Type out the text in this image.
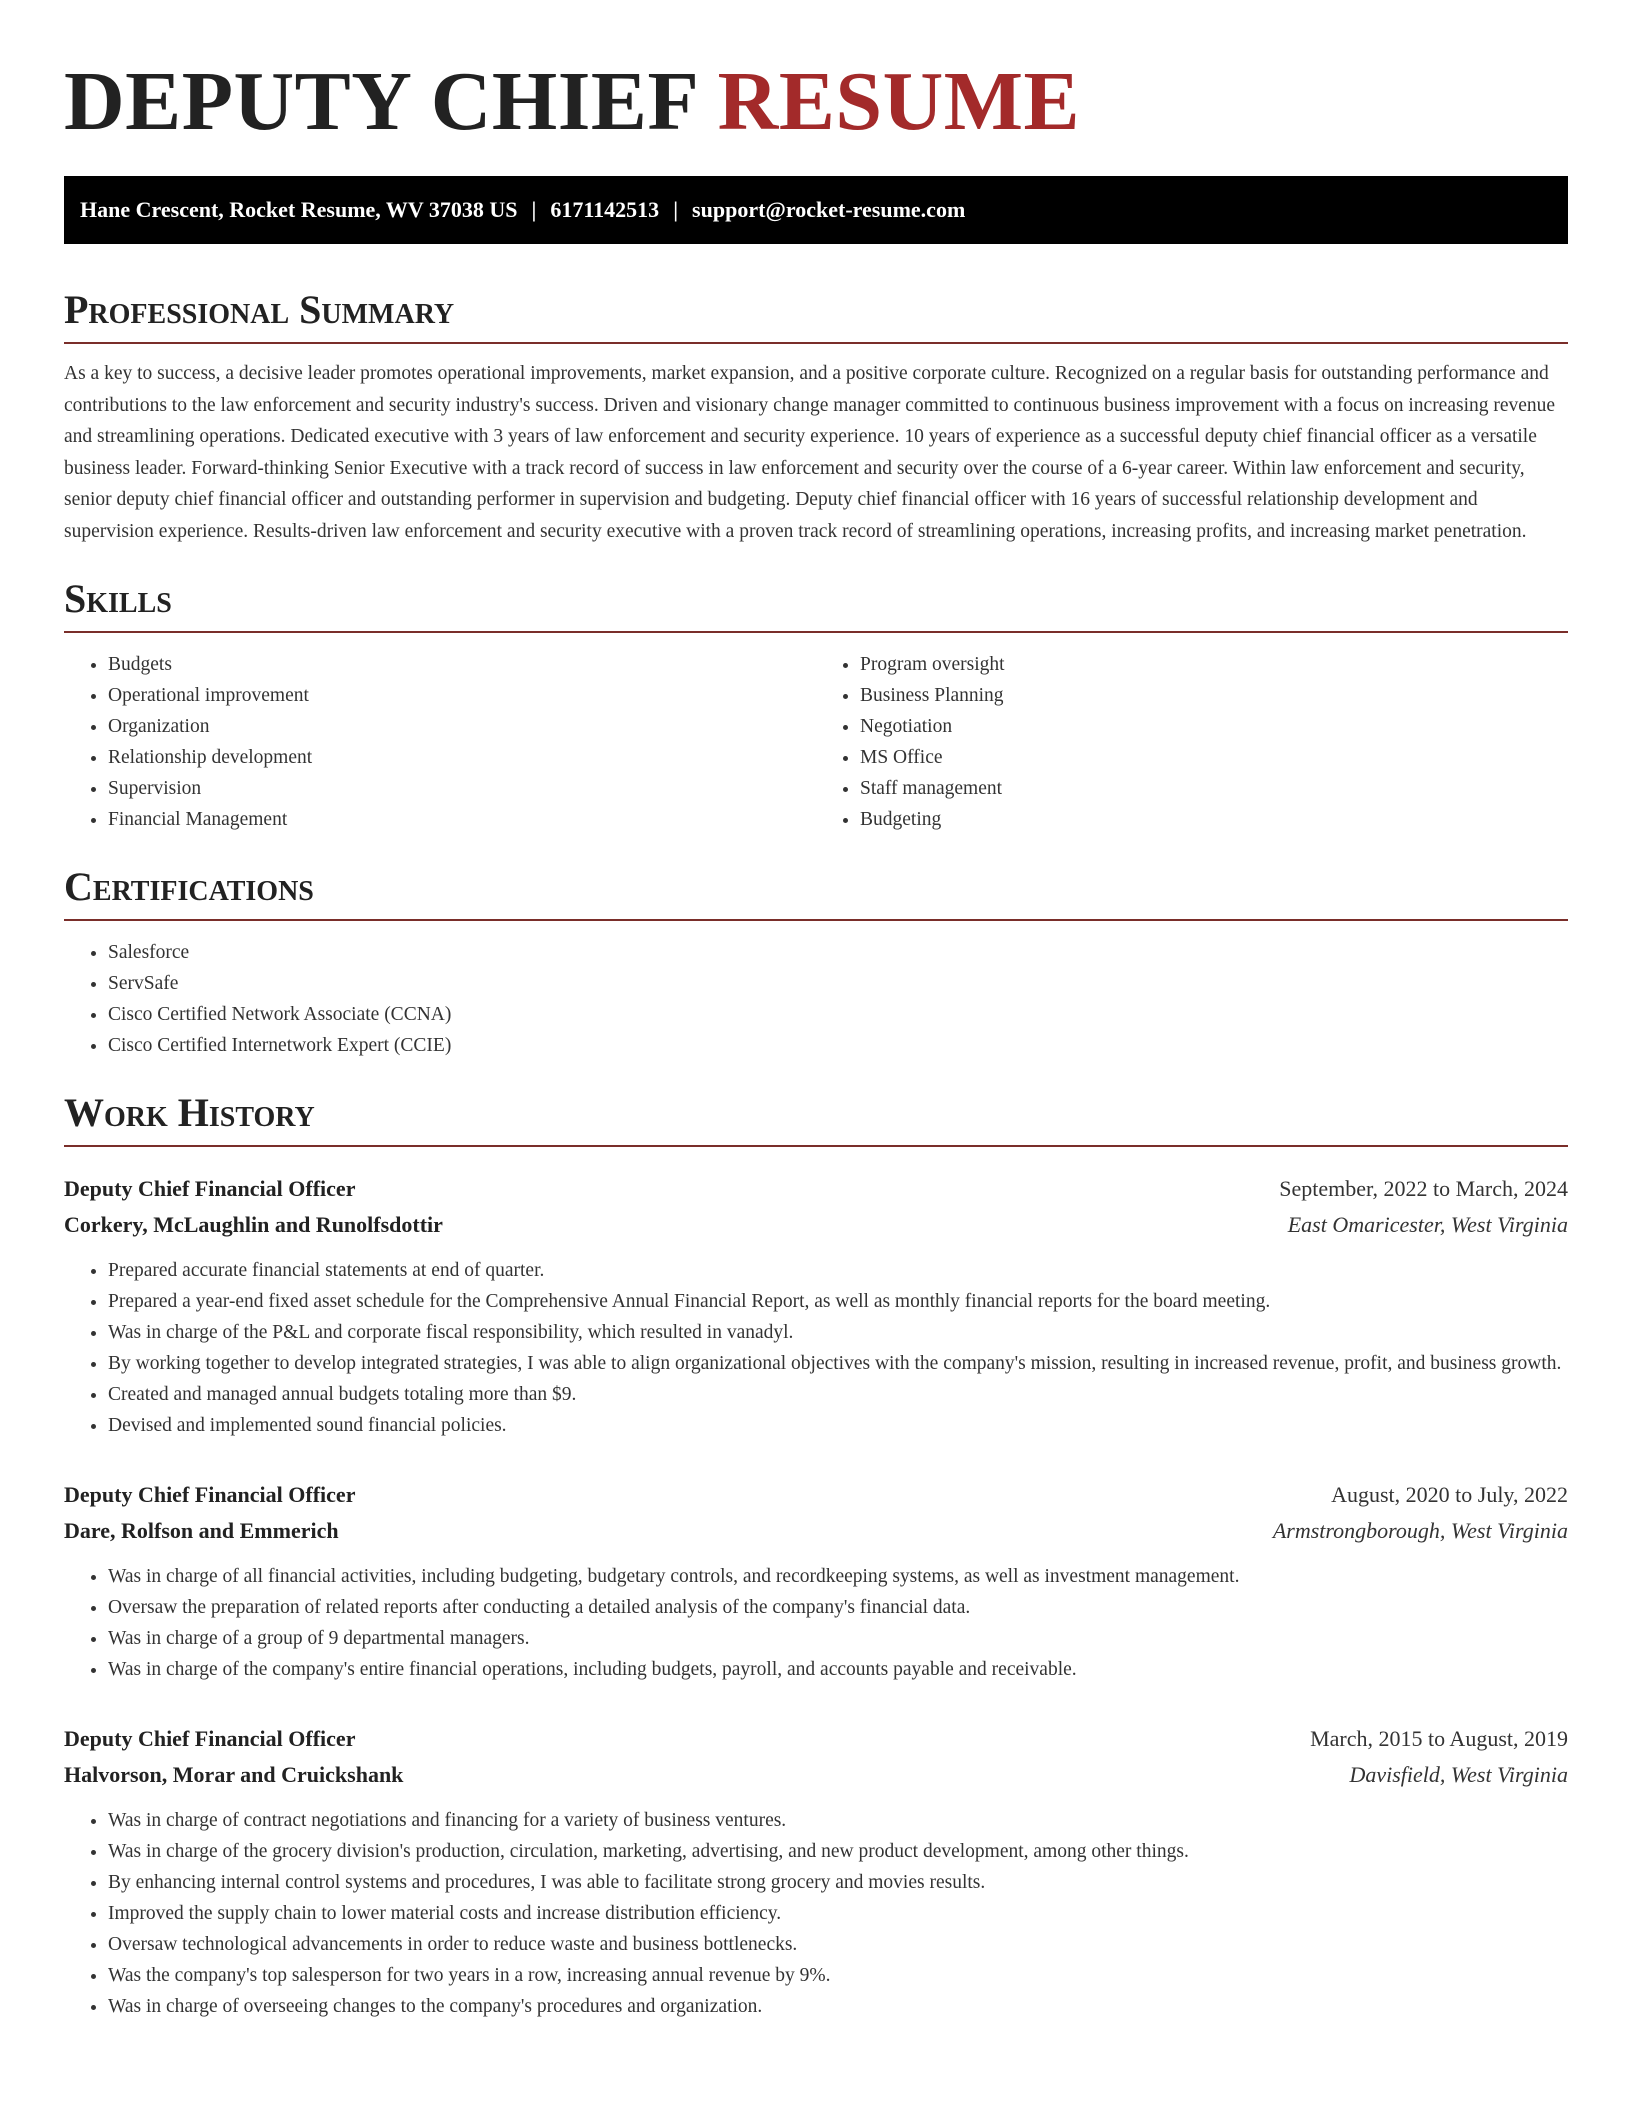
DEPUTY CHIEF RESUME
Hane Crescent, Rocket Resume, WV 37038 US | 6171142513 | support@rocket-resume.com
Professional Summary

As a key to success, a decisive leader promotes operational improvements, market expansion, and a positive corporate culture. Recognized on a regular basis for outstanding performance and contributions to the law enforcement and security industry's success. Driven and visionary change manager committed to continuous business improvement with a focus on increasing revenue and streamlining operations. Dedicated executive with 3 years of law enforcement and security experience. 10 years of experience as a successful deputy chief financial officer as a versatile business leader. Forward-thinking Senior Executive with a track record of success in law enforcement and security over the course of a 6-year career. Within law enforcement and security, senior deputy chief financial officer and outstanding performer in supervision and budgeting. Deputy chief financial officer with 16 years of successful relationship development and supervision experience. Results-driven law enforcement and security executive with a proven track record of streamlining operations, increasing profits, and increasing market penetration.

Skills
• Budgets
• Operational improvement
• Organization
• Relationship development
• Supervision
• Financial Management
• Program oversight
• Business Planning
• Negotiation
• MS Office
• Staff management
• Budgeting
Certifications
• Salesforce
• ServSafe
• Cisco Certified Network Associate (CCNA)
• Cisco Certified Internetwork Expert (CCIE)
Work History
Deputy Chief Financial Officer	September, 2022 to March, 2024
Corkery, McLaughlin and Runolfsdottir	East Omaricester, West Virginia
• Prepared accurate financial statements at end of quarter.
• Prepared a year-end fixed asset schedule for the Comprehensive Annual Financial Report, as well as monthly financial reports for the board meeting.
• Was in charge of the P&L and corporate fiscal responsibility, which resulted in vanadyl.
• By working together to develop integrated strategies, I was able to align organizational objectives with the company's mission, resulting in increased revenue, profit, and business growth.
• Created and managed annual budgets totaling more than $9.
• Devised and implemented sound financial policies.
Deputy Chief Financial Officer	August, 2020 to July, 2022
Dare, Rolfson and Emmerich	Armstrongborough, West Virginia
• Was in charge of all financial activities, including budgeting, budgetary controls, and recordkeeping systems, as well as investment management.
• Oversaw the preparation of related reports after conducting a detailed analysis of the company's financial data.
• Was in charge of a group of 9 departmental managers.
• Was in charge of the company's entire financial operations, including budgets, payroll, and accounts payable and receivable.
Deputy Chief Financial Officer	March, 2015 to August, 2019
Halvorson, Morar and Cruickshank	Davisfield, West Virginia
• Was in charge of contract negotiations and financing for a variety of business ventures.
• Was in charge of the grocery division's production, circulation, marketing, advertising, and new product development, among other things.
• By enhancing internal control systems and procedures, I was able to facilitate strong grocery and movies results.
• Improved the supply chain to lower material costs and increase distribution efficiency.
• Oversaw technological advancements in order to reduce waste and business bottlenecks.
• Was the company's top salesperson for two years in a row, increasing annual revenue by 9%.
• Was in charge of overseeing changes to the company's procedures and organization.
